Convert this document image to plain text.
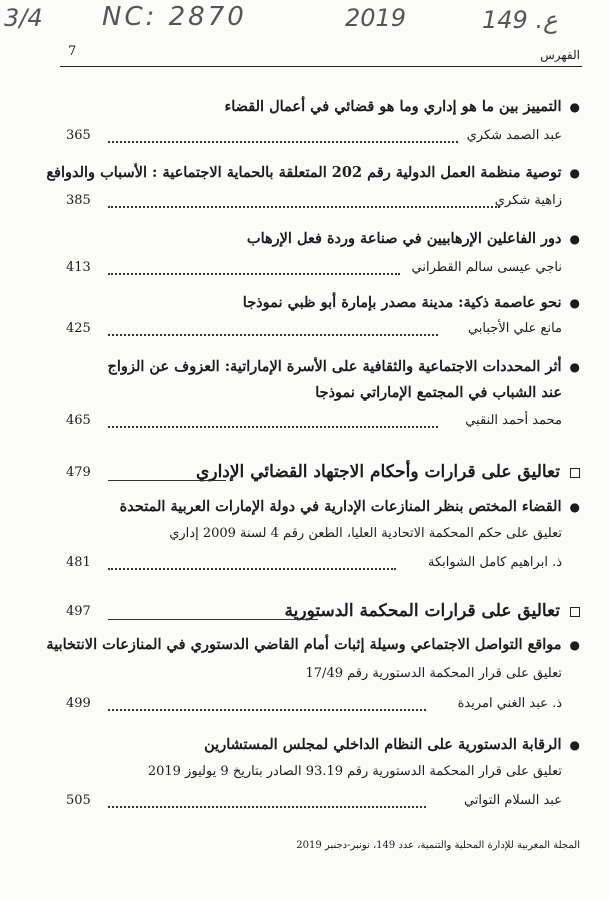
3/4 NC: 2870	2019	149 .ع
7	الفهرس
●التمييز بين ما هو إداري وما هو قضائي في أعمال القضاء
عبد الصمد شكري
365
●توصية منظمة العمل الدولية رقم 202 المتعلقة بالحماية الاجتماعية : الأسباب والدوافع
زاهية شكري
385
●دور الفاعلين الإرهابيين في صناعة وردة فعل الإرهاب
ناجي عيسى سالم القطراني
413
●نحو عاصمة ذكية: مدينة مصدر بإمارة أبو ظبي نموذجا
مانع علي الأجبابي
425
●أثر المحددات الاجتماعية والثقافية على الأسرة الإماراتية: العزوف عن الزواج
عند الشباب في المجتمع الإماراتي نموذجا
محمد أحمد النقبي
465
تعاليق على قرارات وأحكام الاجتهاد القضائي الإداري
479
●القضاء المختص بنظر المنازعات الإدارية في دولة الإمارات العربية المتحدة
تعليق على حكم المحكمة الاتحادية العليا، الطعن رقم 4 لسنة 2009 إداري
ذ. ابراهيم كامل الشوابكة
481
تعاليق على قرارات المحكمة الدستورية
497
●مواقع التواصل الاجتماعي وسيلة إثبات أمام القاضي الدستوري في المنازعات الانتخابية
تعليق على قرار المحكمة الدستورية رقم 17/49
ذ. عبد الغني امريدة
499
●الرقابة الدستورية على النظام الداخلي لمجلس المستشارين
تعليق على قرار المحكمة الدستورية رقم 93.19 الصادر بتاريخ 9 يوليوز 2019
عبد السلام التواتي
505
المجلة المغربية للإدارة المحلية والتنمية، عدد 149، نونبر-دجنبر 2019
